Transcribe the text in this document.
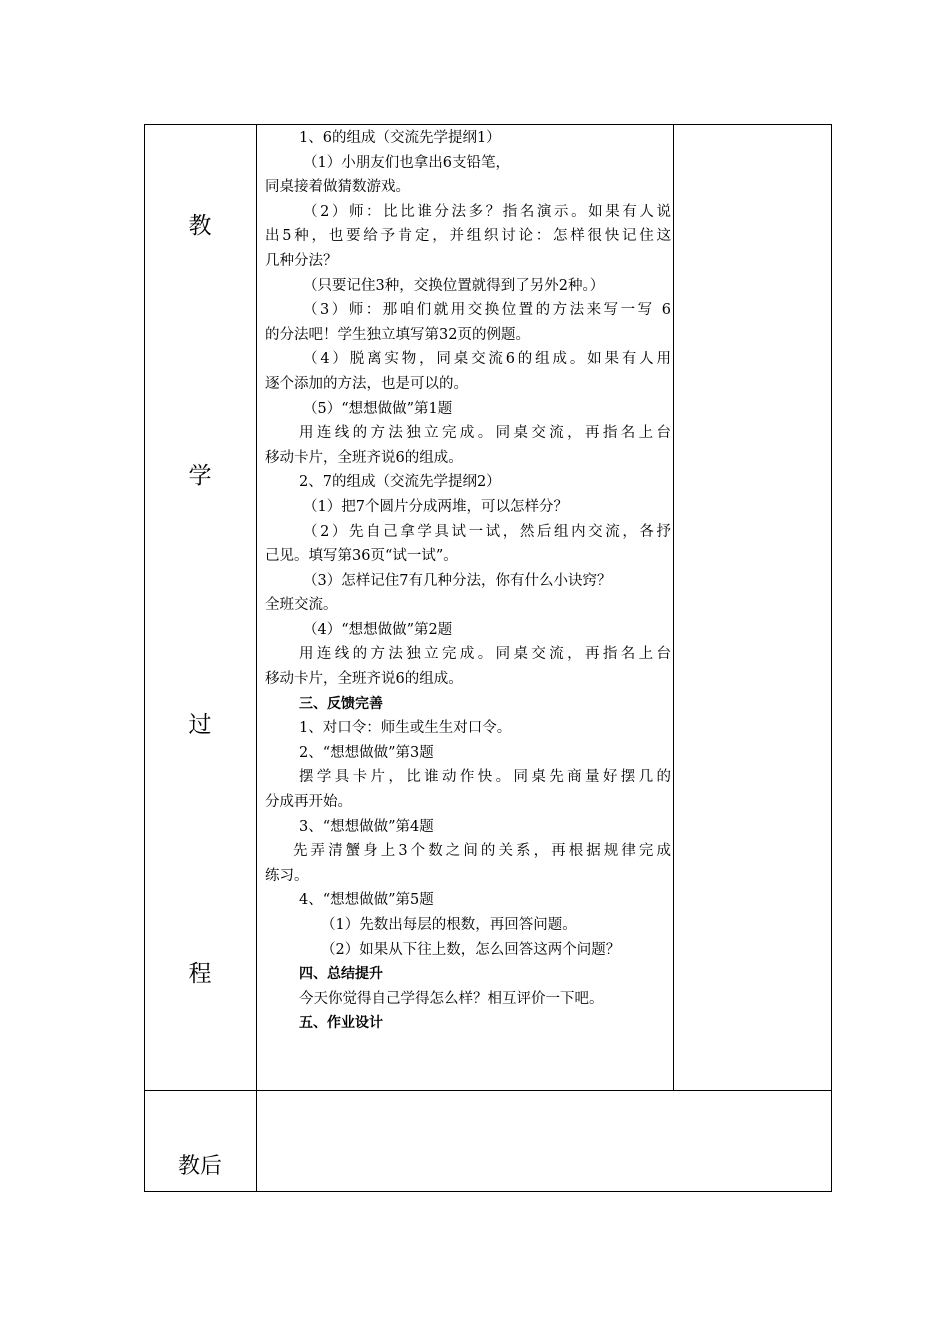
教
学
过
程
1、6的组成（交流先学提纲1）
（1）小朋友们也拿出6支铅笔，
同桌接着做猜数游戏。
（2）师：比比谁分法多？指名演示。如果有人说
出5种，也要给予肯定，并组织讨论：怎样很快记住这
几种分法？
（只要记住3种，交换位置就得到了另外2种。）
（3）师：那咱们就用交换位置的方法来写一写 6
的分法吧！学生独立填写第32页的例题。
（4）脱离实物，同桌交流6的组成。如果有人用
逐个添加的方法，也是可以的。
（5）“想想做做”第1题
用连线的方法独立完成。同桌交流，再指名上台
移动卡片，全班齐说6的组成。
2、7的组成（交流先学提纲2）
（1）把7个圆片分成两堆，可以怎样分？
（2）先自己拿学具试一试，然后组内交流，各抒
己见。填写第36页“试一试”。
（3）怎样记住7有几种分法，你有什么小诀窍？
全班交流。
（4）“想想做做”第2题
用连线的方法独立完成。同桌交流，再指名上台
移动卡片，全班齐说6的组成。
三、反馈完善
1、对口令：师生或生生对口令。
2、“想想做做”第3题
摆学具卡片，比谁动作快。同桌先商量好摆几的
分成再开始。
3、“想想做做”第4题
先弄清蟹身上3个数之间的关系，再根据规律完成
练习。
4、“想想做做”第5题
（1）先数出每层的根数，再回答问题。
（2）如果从下往上数，怎么回答这两个问题？
四、总结提升
今天你觉得自己学得怎么样？相互评价一下吧。
五、作业设计
教后
